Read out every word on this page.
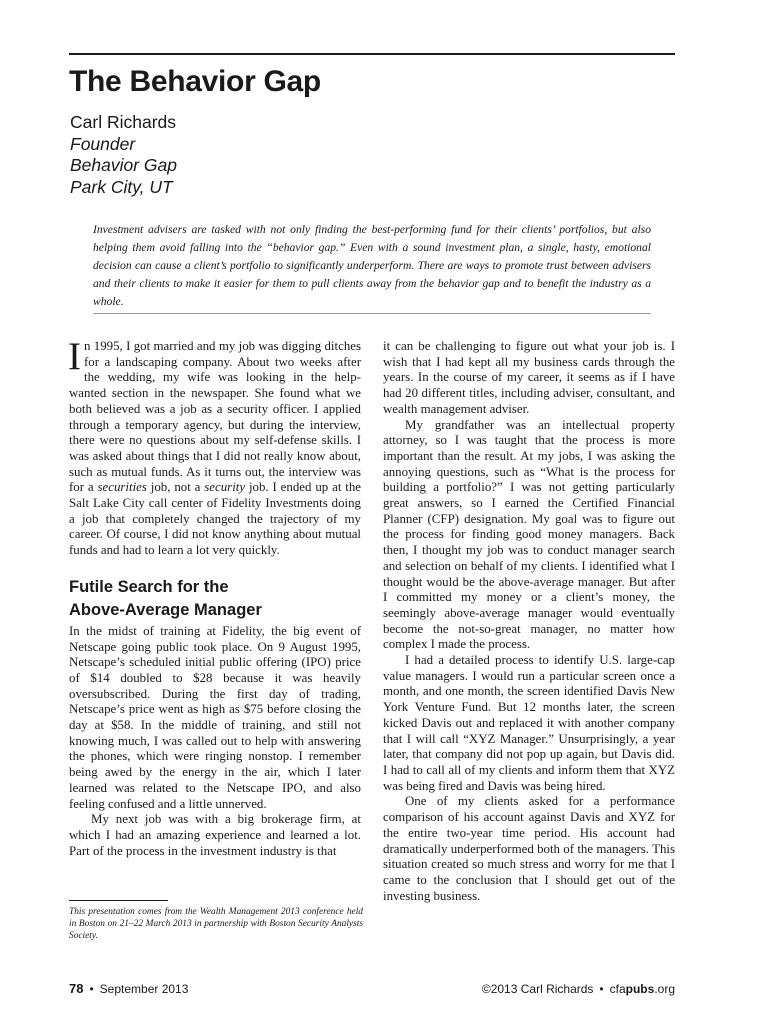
The Behavior Gap
Carl Richards
Founder
Behavior Gap
Park City, UT

Investment advisers are tasked with not only finding the best-performing fund for their clients’ portfolios, but also helping them avoid falling into the “behavior gap.” Even with a sound investment plan, a single, hasty, emotional decision can cause a client’s portfolio to significantly underperform. There are ways to promote trust between advisers and their clients to make it easier for them to pull clients away from the behavior gap and to benefit the industry as a whole.

In 1995, I got married and my job was digging ditches for a landscaping company. About two weeks after the wedding, my wife was looking in the help-wanted section in the newspaper. She found what we both believed was a job as a security officer. I applied through a temporary agency, but during the interview, there were no questions about my self-defense skills. I was asked about things that I did not really know about, such as mutual funds. As it turns out, the interview was for a securities job, not a security job. I ended up at the Salt Lake City call center of Fidelity Investments doing a job that completely changed the trajectory of my career. Of course, I did not know anything about mutual funds and had to learn a lot very quickly.

Futile Search for the
Above-Average Manager

In the midst of training at Fidelity, the big event of Netscape going public took place. On 9 August 1995, Netscape’s scheduled initial public offering (IPO) price of $14 doubled to $28 because it was heavily oversubscribed. During the first day of trading, Netscape’s price went as high as $75 before closing the day at $58. In the middle of training, and still not knowing much, I was called out to help with answering the phones, which were ringing nonstop. I remember being awed by the energy in the air, which I later learned was related to the Netscape IPO, and also feeling confused and a little unnerved.

My next job was with a big brokerage firm, at which I had an amazing experience and learned a lot. Part of the process in the investment industry is that

it can be challenging to figure out what your job is. I wish that I had kept all my business cards through the years. In the course of my career, it seems as if I have had 20 different titles, including adviser, consultant, and wealth management adviser.

My grandfather was an intellectual property attorney, so I was taught that the process is more important than the result. At my jobs, I was asking the annoying questions, such as “What is the process for building a portfolio?” I was not getting particularly great answers, so I earned the Certified Financial Planner (CFP) designation. My goal was to figure out the process for finding good money managers. Back then, I thought my job was to conduct manager search and selection on behalf of my clients. I identified what I thought would be the above-average manager. But after I committed my money or a client’s money, the seemingly above-average manager would eventually become the not-so-great manager, no matter how complex I made the process.

I had a detailed process to identify U.S. large-cap value managers. I would run a particular screen once a month, and one month, the screen identified Davis New York Venture Fund. But 12 months later, the screen kicked Davis out and replaced it with another company that I will call “XYZ Manager.” Unsurprisingly, a year later, that company did not pop up again, but Davis did. I had to call all of my clients and inform them that XYZ was being fired and Davis was being hired.

One of my clients asked for a performance comparison of his account against Davis and XYZ for the entire two-year time period. His account had dramatically underperformed both of the managers. This situation created so much stress and worry for me that I came to the conclusion that I should get out of the investing business.

This presentation comes from the Wealth Management 2013 conference held in Boston on 21–22 March 2013 in partnership with Boston Security Analysts Society.

78 • September 2013	©2013 Carl Richards • cfapubs.org
